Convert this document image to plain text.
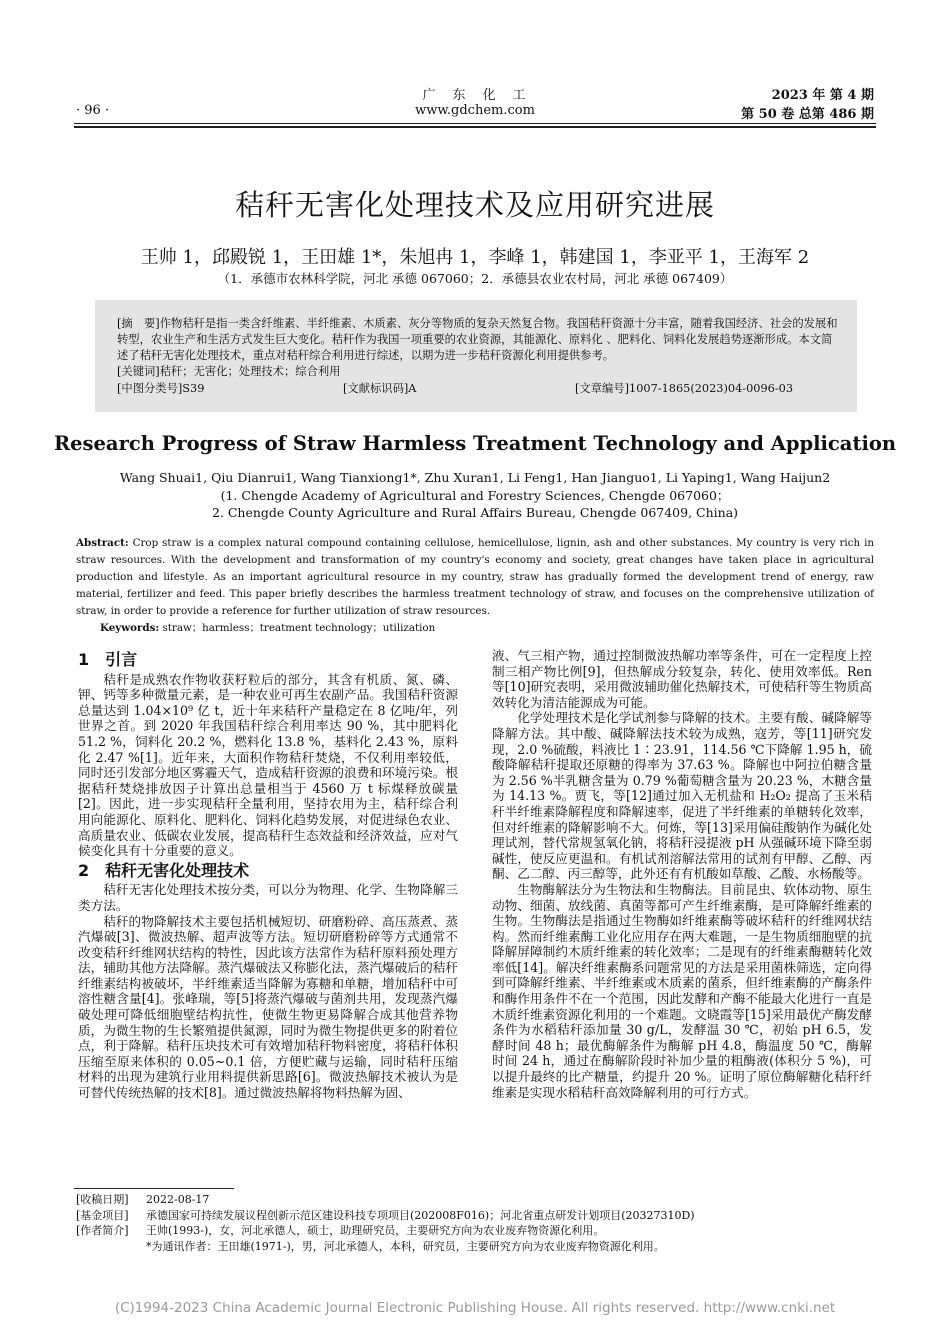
广　东　化　工
www.gdchem.com
· 96 ·
2023 年 第 4 期
第 50 卷 总第 486 期
秸秆无害化处理技术及应用研究进展
王帅 1，邱殿锐 1，王田雄 1*，朱旭冉 1，李峰 1，韩建国 1，李亚平 1，王海军 2
（1．承德市农林科学院，河北 承德 067060；2．承德县农业农村局，河北 承德 067409）

[摘　要]作物秸秆是指一类含纤维素、半纤维素、木质素、灰分等物质的复杂天然复合物。我国秸秆资源十分丰富，随着我国经济、社会的发展和转型，农业生产和生活方式发生巨大变化。秸秆作为我国一项重要的农业资源，其能源化、原料化 、肥料化、饲料化发展趋势逐渐形成。本文简述了秸秆无害化处理技术，重点对秸秆综合利用进行综述，以期为进一步秸秆资源化利用提供参考。

[关键词]秸秆；无害化；处理技术；综合利用

[中图分类号]S39	[文献标识码]A	[文章编号]1007-1865(2023)04-0096-03
Research Progress of Straw Harmless Treatment Technology and Application
Wang Shuai1, Qiu Dianrui1, Wang Tianxiong1*, Zhu Xuran1, Li Feng1, Han Jianguo1, Li Yaping1, Wang Haijun2
(1. Chengde Academy of Agricultural and Forestry Sciences, Chengde 067060；
2. Chengde County Agriculture and Rural Affairs Bureau, Chengde 067409, China)
Abstract: Crop straw is a complex natural compound containing cellulose, hemicellulose, lignin, ash and other substances. My country is very rich in straw resources. With the development and transformation of my country's economy and society, great changes have taken place in agricultural production and lifestyle. As an important agricultural resource in my country, straw has gradually formed the development trend of energy, raw material, fertilizer and feed. This paper briefly describes the harmless treatment technology of straw, and focuses on the comprehensive utilization of straw, in order to provide a reference for further utilization of straw resources.
Keywords: straw；harmless；treatment technology；utilization
1　引言

秸秆是成熟农作物收获籽粒后的部分，其含有机质、氮、磷、钾、钙等多种微量元素，是一种农业可再生农副产品。我国秸秆资源总量达到 1.04×10⁹ 亿 t，近十年来秸秆产量稳定在 8 亿吨/年，列世界之首。到 2020 年我国秸秆综合利用率达 90 %，其中肥料化 51.2 %，饲料化 20.2 %，燃料化 13.8 %，基料化 2.43 %，原料化 2.47 %[1]。近年来，大面积作物秸秆焚烧，不仅利用率较低，同时还引发部分地区雾霾天气，造成秸秆资源的浪费和环境污染。根据秸秆焚烧排放因子计算出总量相当于 4560 万 t 标煤释放碳量[2]。因此，进一步实现秸秆全量利用，坚持农用为主，秸秆综合利用向能源化、原料化、肥料化、饲料化趋势发展，对促进绿色农业、高质量农业、低碳农业发展，提高秸秆生态效益和经济效益，应对气候变化具有十分重要的意义。

2　秸秆无害化处理技术

秸秆无害化处理技术按分类，可以分为物理、化学、生物降解三类方法。

秸秆的物降解技术主要包括机械短切、研磨粉碎、高压蒸煮、蒸汽爆破[3]、微波热解、超声波等方法。短切研磨粉碎等方式通常不改变秸秆纤维网状结构的特性，因此该方法常作为秸秆原料预处理方法，辅助其他方法降解。蒸汽爆破法又称膨化法，蒸汽爆破后的秸秆纤维素结构被破坏，半纤维素适当降解为寡糖和单糖，增加秸秆中可溶性糖含量[4]。张峰瑞，等[5]将蒸汽爆破与菌剂共用，发现蒸汽爆破处理可降低细胞壁结构抗性，使微生物更易降解合成其他营养物质，为微生物的生长繁殖提供氮源，同时为微生物提供更多的附着位点，利于降解。秸秆压块技术可有效增加秸秆物料密度，将秸秆体积压缩至原来体积的 0.05~0.1 倍，方便贮藏与运输，同时秸秆压缩材料的出现为建筑行业用料提供新思路[6]。微波热解技术被认为是可替代传统热解的技术[8]。通过微波热解将物料热解为固、

液、气三相产物，通过控制微波热解功率等条件，可在一定程度上控制三相产物比例[9]，但热解成分较复杂，转化、使用效率低。Ren 等[10]研究表明，采用微波辅助催化热解技术，可使秸秆等生物质高效转化为清洁能源成为可能。

化学处理技术是化学试剂参与降解的技术。主要有酸、碱降解等降解方法。其中酸、碱降解法技术较为成熟，寇芳，等[11]研究发现，2.0 %硫酸，料液比 1∶23.91，114.56 ℃下降解 1.95 h，硫酸降解秸秆提取还原糖的得率为 37.63 %。降解也中阿拉伯糖含量为 2.56 %半乳糖含量为 0.79 %葡萄糖含量为 20.23 %，木糖含量为 14.13 %。贾飞，等[12]通过加入无机盐和 H₂O₂ 提高了玉米秸秆半纤维素降解程度和降解速率，促进了半纤维素的单糖转化效率，但对纤维素的降解影响不大。何炼，等[13]采用偏硅酸钠作为碱化处理试剂，替代常规氢氧化钠，将秸秆浸提液 pH 从强碱环境下降至弱碱性，使反应更温和。有机试剂溶解法常用的试剂有甲醇、乙醇、丙酮、乙二醇、丙三醇等，此外还有有机酸如草酸、乙酸、水杨酸等。

生物酶解法分为生物法和生物酶法。目前昆虫、软体动物、原生动物、细菌、放线菌、真菌等都可产生纤维素酶，是可降解纤维素的生物。生物酶法是指通过生物酶如纤维素酶等破坏秸秆的纤维网状结构。然而纤维素酶工业化应用存在两大难题，一是生物质细胞壁的抗降解屏障制约木质纤维素的转化效率；二是现有的纤维素酶糖转化效率低[14]。解决纤维素酶系问题常见的方法是采用菌株筛选，定向得到可降解纤维素、半纤维素或木质素的菌系，但纤维素酶的产酶条件和酶作用条件不在一个范围，因此发酵和产酶不能最大化进行一直是木质纤维素资源化利用的一个难题。文晓霞等[15]采用最优产酶发酵条件为水稻秸秆添加量 30 g/L，发酵温 30 ℃，初始 pH 6.5，发酵时间 48 h；最优酶解条件为酶解 pH 4.8，酶温度 50 ℃，酶解时间 24 h，通过在酶解阶段时补加少量的粗酶液(体积分 5 %)，可以提升最终的比产糖量，约提升 20 %。证明了原位酶解糖化秸秆纤维素是实现水稻秸秆高效降解利用的可行方式。

[收稿日期]	2022-08-17
[基金项目]	承德国家可持续发展议程创新示范区建设科技专项项目(202008F016)；河北省重点研发计划项目(20327310D)
[作者简介]	王帅(1993-)，女，河北承德人，硕士，助理研究员，主要研究方向为农业废弃物资源化利用。
*为通讯作者：王田雄(1971-)，男，河北承德人，本科，研究员，主要研究方向为农业废弃物资源化利用。
(C)1994-2023 China Academic Journal Electronic Publishing House. All rights reserved. http://www.cnki.net
